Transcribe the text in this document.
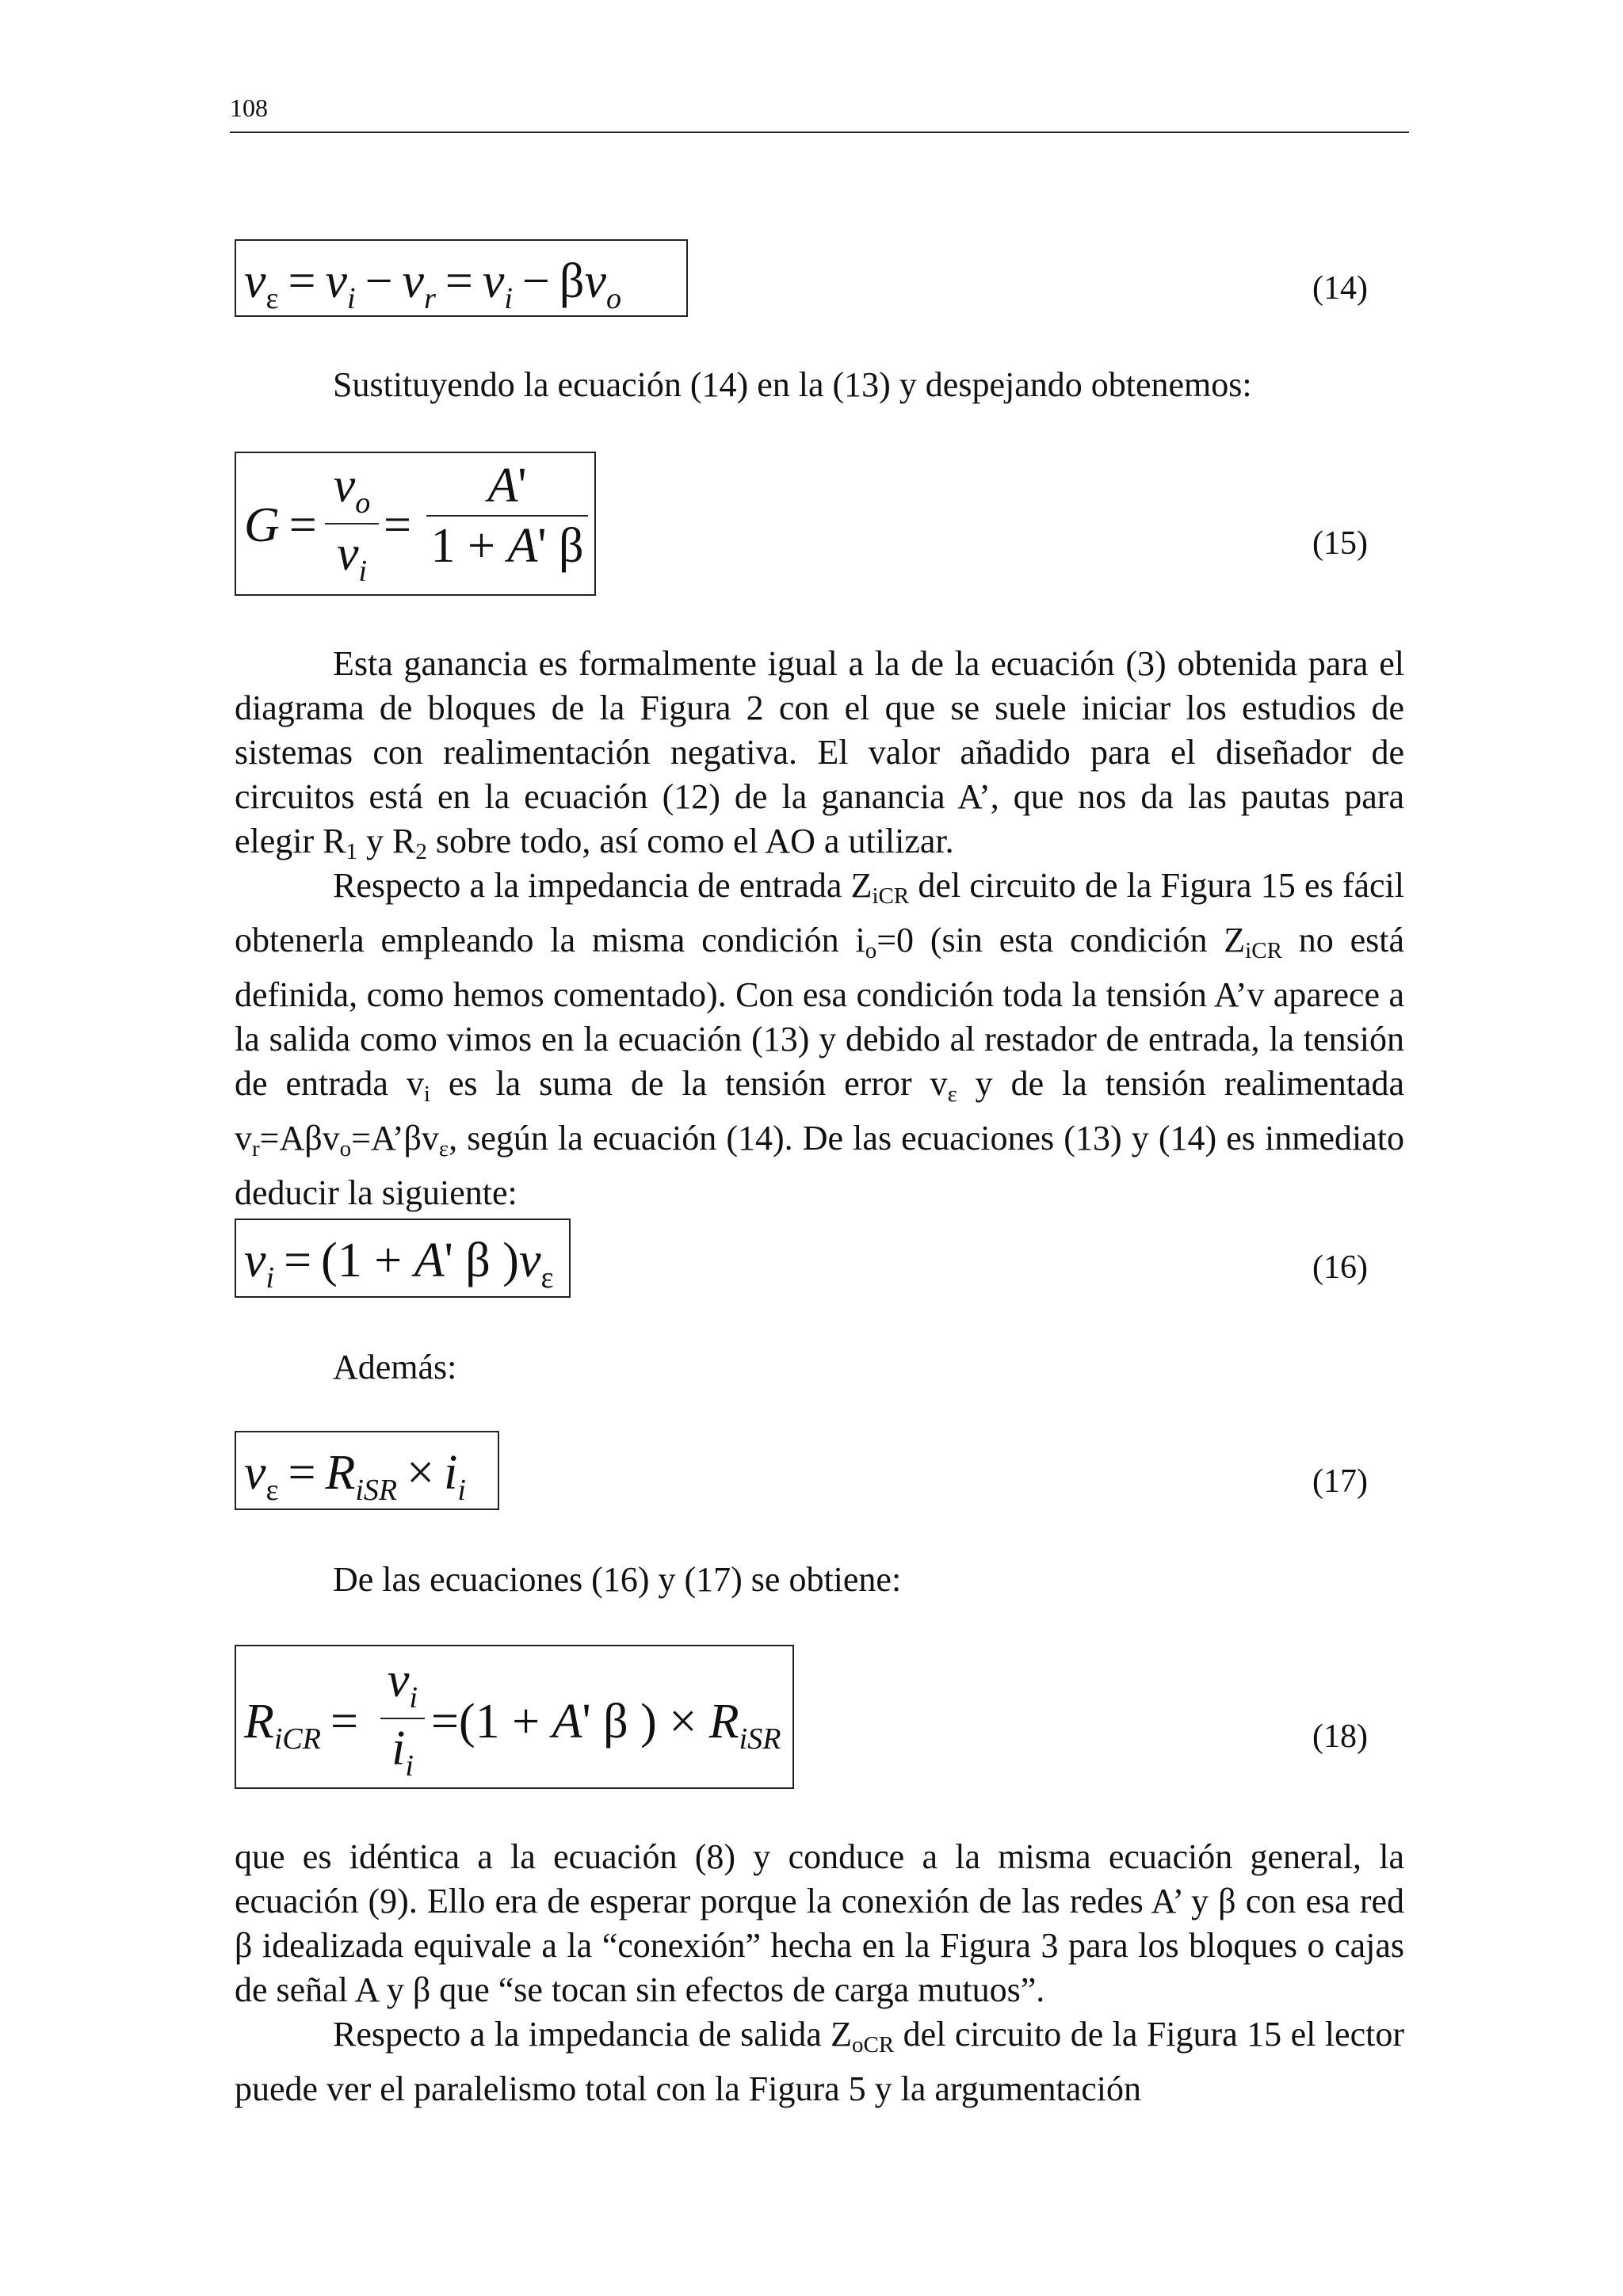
108
$v_\varepsilon = v_i - v_r = v_i - \beta v_o$	(14)
Sustituyendo la ecuación (14) en la (13) y despejando obtenemos:
G =
$v_o$
$v_i$
=
A'
1 + A' β	(15)
Esta ganancia es formalmente igual a la de la ecuación (3) obtenida para el diagrama de bloques de la Figura 2 con el que se suele iniciar los estudios de sistemas con realimentación negativa. El valor añadido para el diseñador de circuitos está en la ecuación (12) de la ganancia A’, que nos da las pautas para elegir R1 y R2 sobre todo, así como el AO a utilizar.
Respecto a la impedancia de entrada ZiCR del circuito de la Figura 15 es fácil obtenerla empleando la misma condición io=0 (sin esta condición ZiCR no está definida, como hemos comentado). Con esa condición toda la tensión A’v aparece a la salida como vimos en la ecuación (13) y debido al restador de entrada, la tensión de entrada vi es la suma de la tensión error vε y de la tensión realimentada vr=Aβvo=A’βvε, según la ecuación (14). De las ecuaciones (13) y (14) es inmediato deducir la siguiente:
$v_i = (1 + A'$ β )$v_\varepsilon$	(16)
Además:
$v_\varepsilon = R_{iSR} \times i_i$	(17)
De las ecuaciones (16) y (17) se obtiene:
$R_{iCR}$ =
$v_i$
$i_i$
=(1 + A' β ) × $R_{iSR}$	(18)
que es idéntica a la ecuación (8) y conduce a la misma ecuación general, la ecuación (9). Ello era de esperar porque la conexión de las redes A’ y β con esa red β idealizada equivale a la “conexión” hecha en la Figura 3 para los bloques o cajas de señal A y β que “se tocan sin efectos de carga mutuos”.
Respecto a la impedancia de salida ZoCR del circuito de la Figura 15 el lector puede ver el paralelismo total con la Figura 5 y la argumentación
